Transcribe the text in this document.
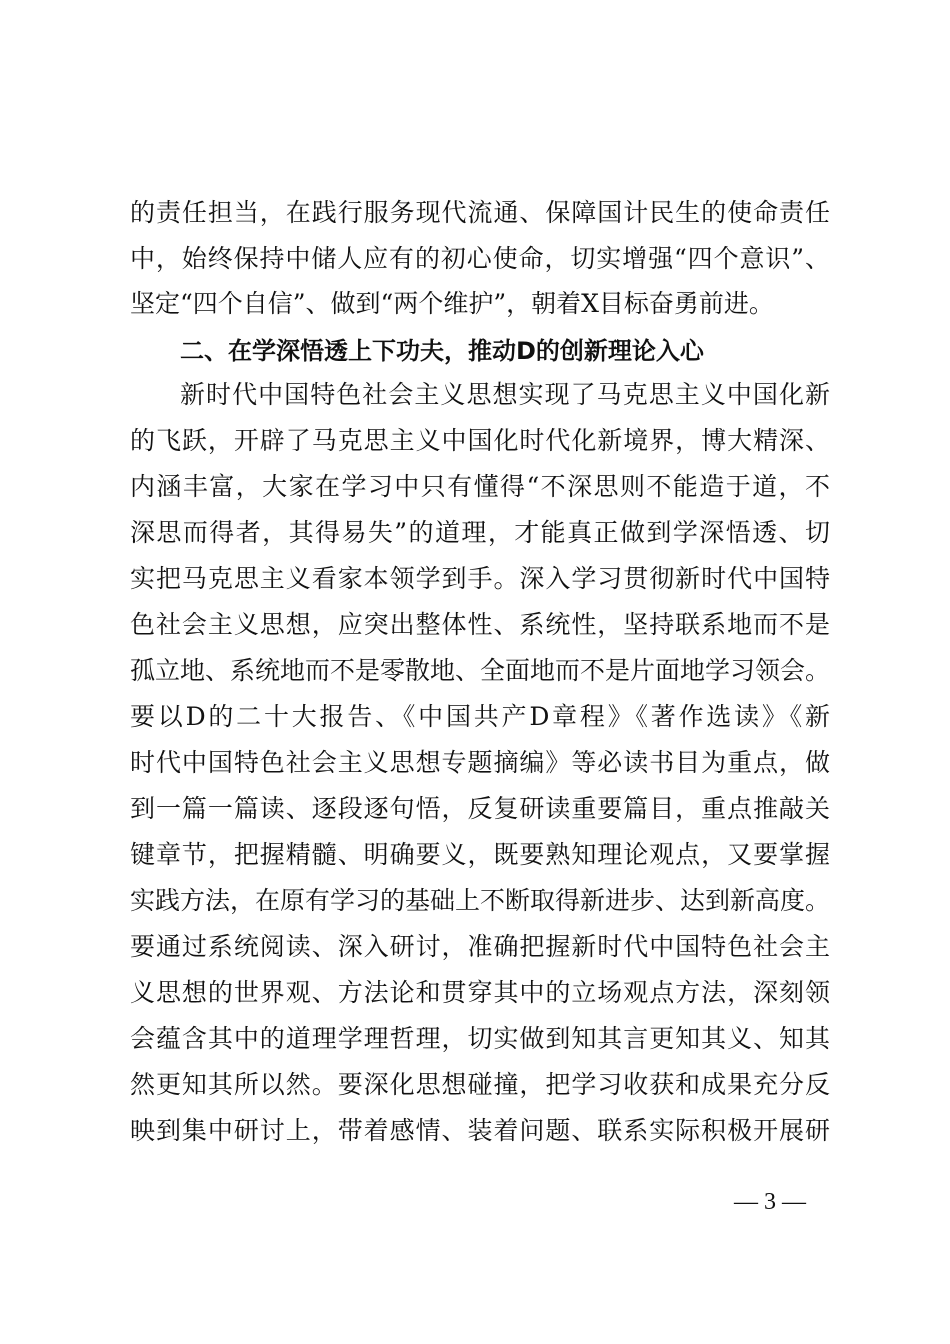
的责任担当，在践行服务现代流通、保障国计民生的使命责任
中，始终保持中储人应有的初心使命，切实增强“四个意识”、
坚定“四个自信”、做到“两个维护”，朝着X目标奋勇前进。
二、在学深悟透上下功夫，推动D的创新理论入心
新时代中国特色社会主义思想实现了马克思主义中国化新
的飞跃，开辟了马克思主义中国化时代化新境界，博大精深、
内涵丰富，大家在学习中只有懂得“不深思则不能造于道，不
深思而得者，其得易失”的道理，才能真正做到学深悟透、切
实把马克思主义看家本领学到手。深入学习贯彻新时代中国特
色社会主义思想，应突出整体性、系统性，坚持联系地而不是
孤立地、系统地而不是零散地、全面地而不是片面地学习领会。
要以D的二十大报告、《中国共产D章程》《著作选读》《新
时代中国特色社会主义思想专题摘编》等必读书目为重点，做
到一篇一篇读、逐段逐句悟，反复研读重要篇目，重点推敲关
键章节，把握精髓、明确要义，既要熟知理论观点，又要掌握
实践方法，在原有学习的基础上不断取得新进步、达到新高度。
要通过系统阅读、深入研讨，准确把握新时代中国特色社会主
义思想的世界观、方法论和贯穿其中的立场观点方法，深刻领
会蕴含其中的道理学理哲理，切实做到知其言更知其义、知其
然更知其所以然。要深化思想碰撞，把学习收获和成果充分反
映到集中研讨上，带着感情、装着问题、联系实际积极开展研
— 3 —
